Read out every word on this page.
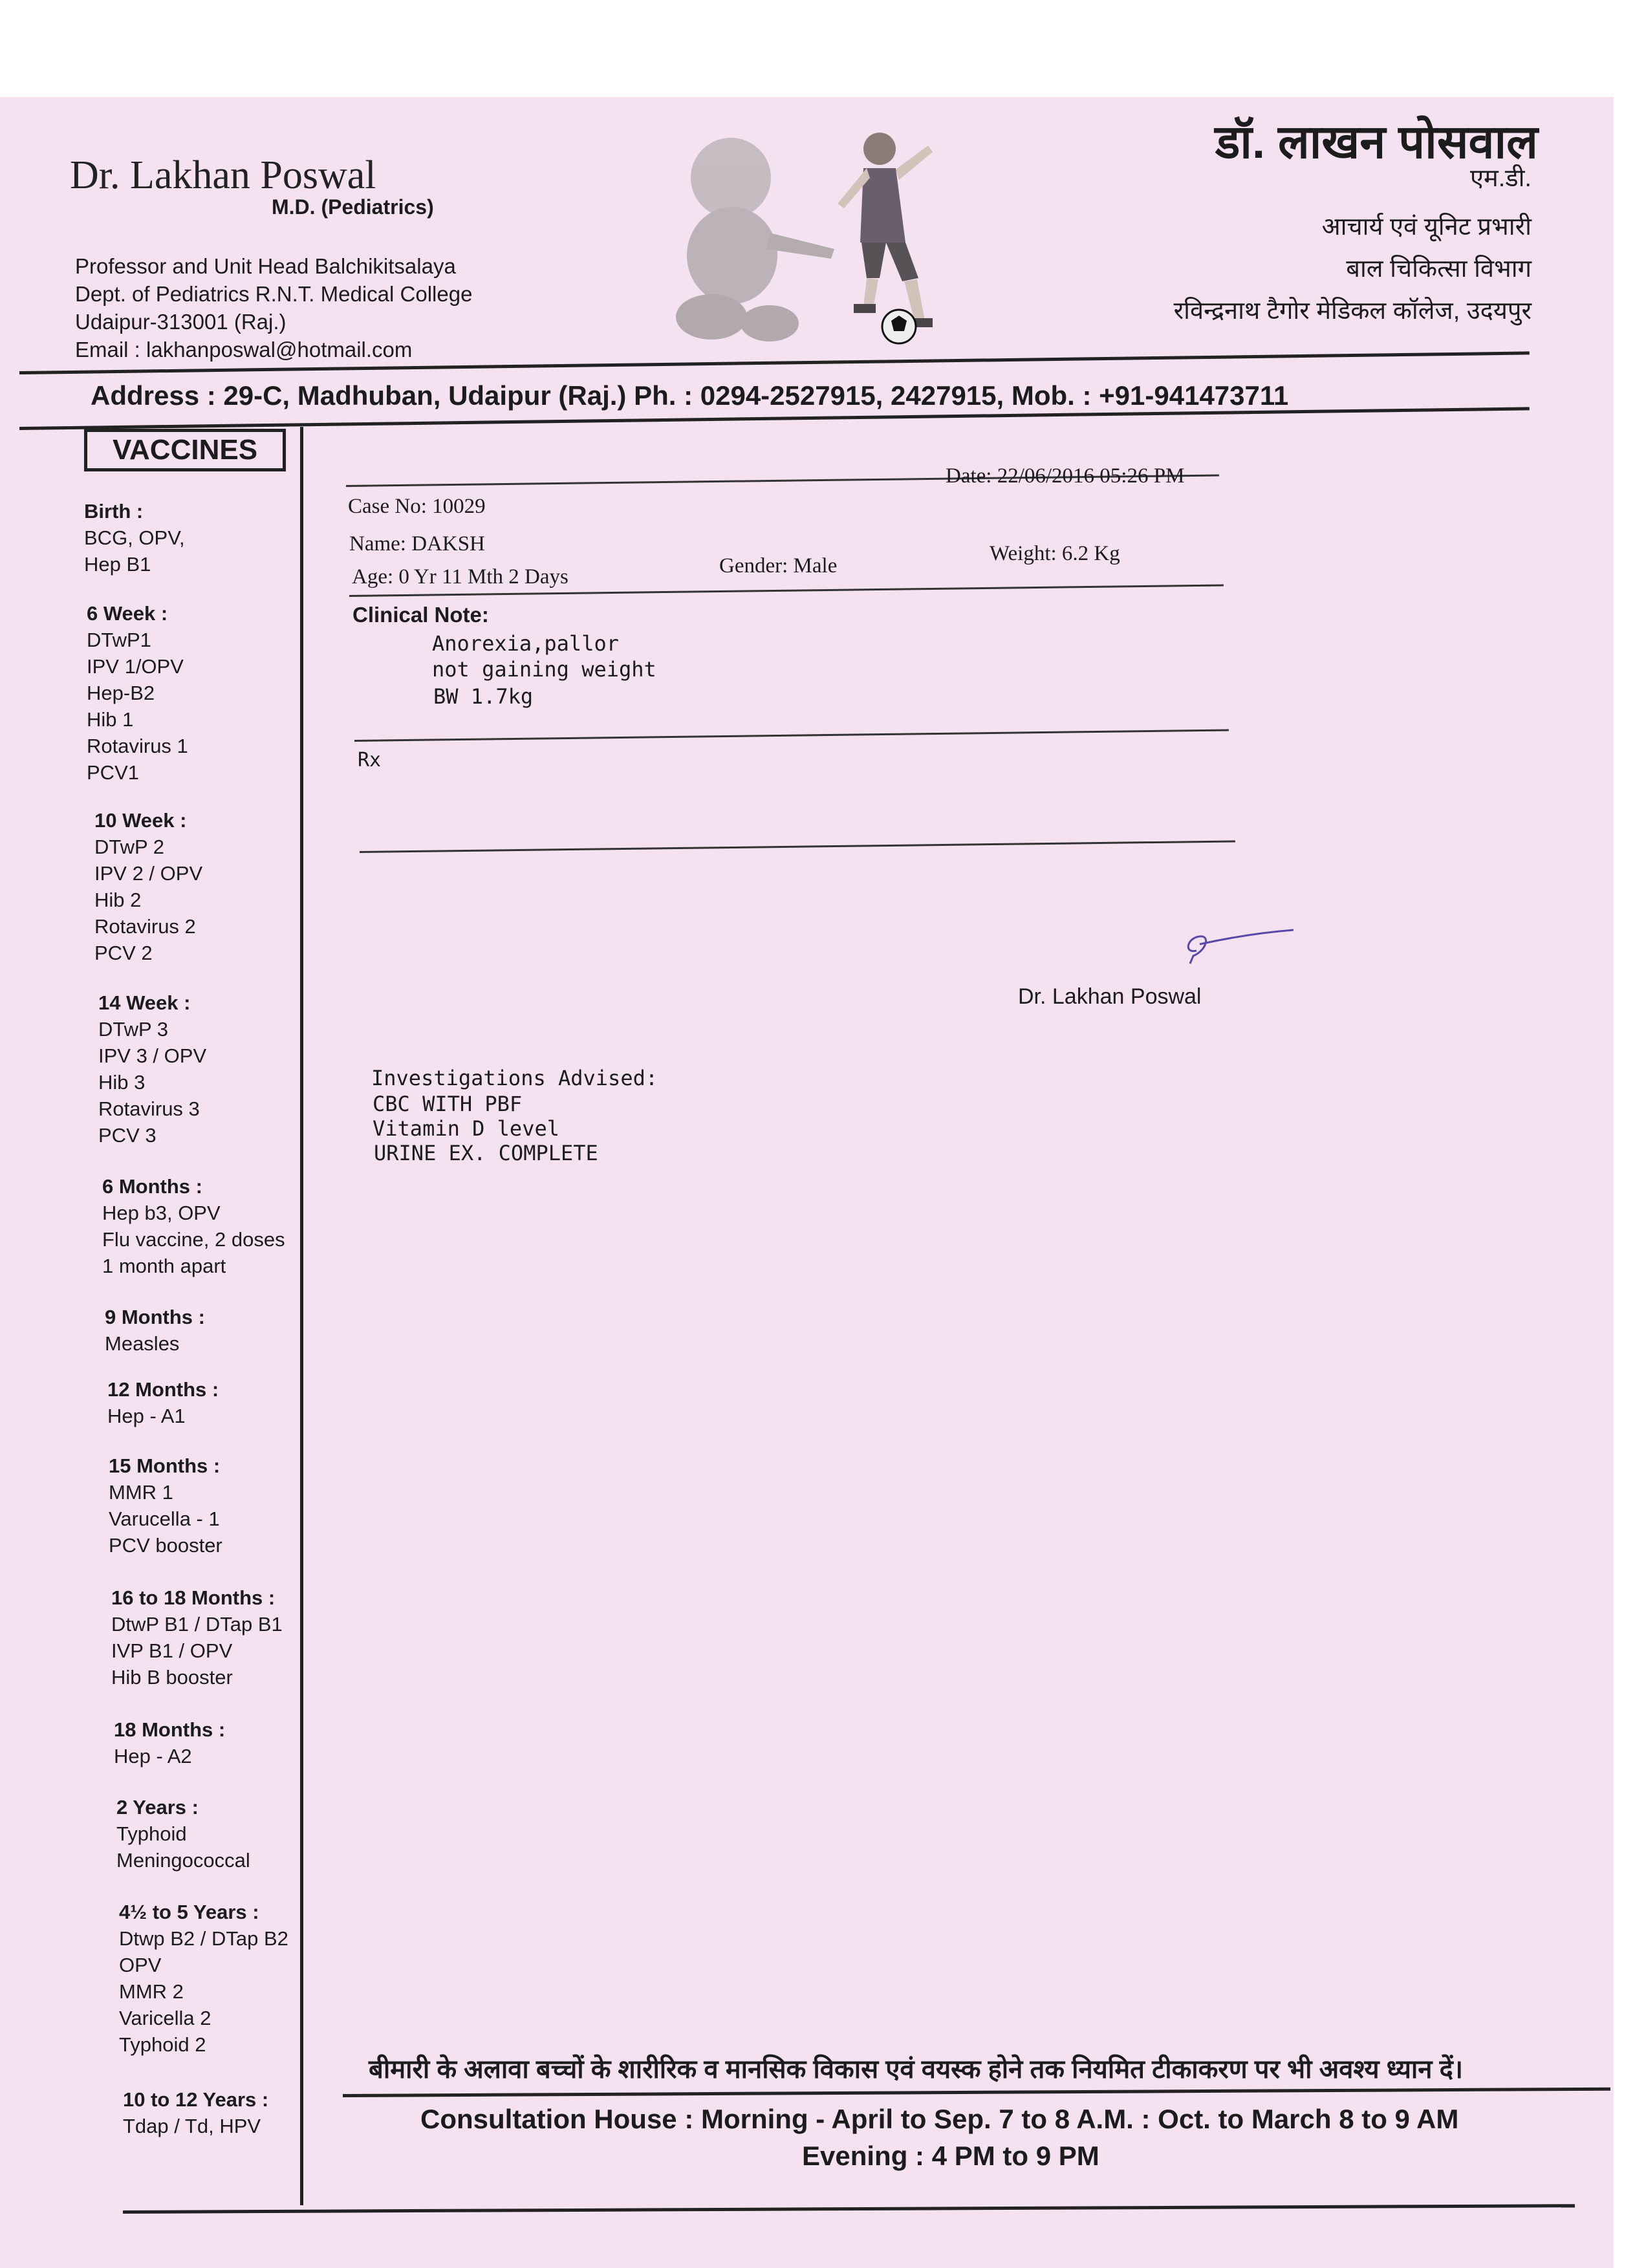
Dr. Lakhan Poswal
M.D. (Pediatrics)
Professor and Unit Head Balchikitsalaya
Dept. of Pediatrics R.N.T. Medical College
Udaipur-313001 (Raj.)
Email : lakhanposwal@hotmail.com
डॉ. लाखन पोसवाल
एम.डी.
आचार्य एवं यूनिट प्रभारी
बाल चिकित्सा विभाग
रविन्द्रनाथ टैगोर मेडिकल कॉलेज, उदयपुर
Address : 29-C, Madhuban, Udaipur (Raj.) Ph. : 0294-2527915, 2427915, Mob. : +91-941473711
VACCINES
Birth :
BCG, OPV,
Hep B1
6 Week :
DTwP1
IPV 1/OPV
Hep-B2
Hib 1
Rotavirus 1
PCV1
10 Week :
DTwP 2
IPV 2 / OPV
Hib 2
Rotavirus 2
PCV 2
14 Week :
DTwP 3
IPV 3 / OPV
Hib 3
Rotavirus 3
PCV 3
6 Months :
Hep b3, OPV
Flu vaccine, 2 doses
1 month apart
9 Months :
Measles
12 Months :
Hep - A1
15 Months :
MMR 1
Varucella - 1
PCV booster
16 to 18 Months :
DtwP B1 / DTap B1
IVP B1 / OPV
Hib B booster
18 Months :
Hep - A2
2 Years :
Typhoid
Meningococcal
4½ to 5 Years :
Dtwp B2 / DTap B2
OPV
MMR 2
Varicella 2
Typhoid 2
10 to 12 Years :
Tdap / Td, HPV
Date: 22/06/2016 05:26 PM
Case No: 10029
Name: DAKSH
Age: 0 Yr 11 Mth 2 Days	Gender: Male
Weight: 6.2 Kg
Clinical Note:
Anorexia,pallor
not gaining weight
BW 1.7kg
Rx
Dr. Lakhan Poswal
Investigations Advised:
CBC WITH PBF
Vitamin D level
URINE EX. COMPLETE
बीमारी के अलावा बच्चों के शारीरिक व मानसिक विकास एवं वयस्क होने तक नियमित टीकाकरण पर भी अवश्य ध्यान दें।
Consultation House : Morning - April to Sep. 7 to 8 A.M. : Oct. to March 8 to 9 AM
Evening : 4 PM to 9 PM
